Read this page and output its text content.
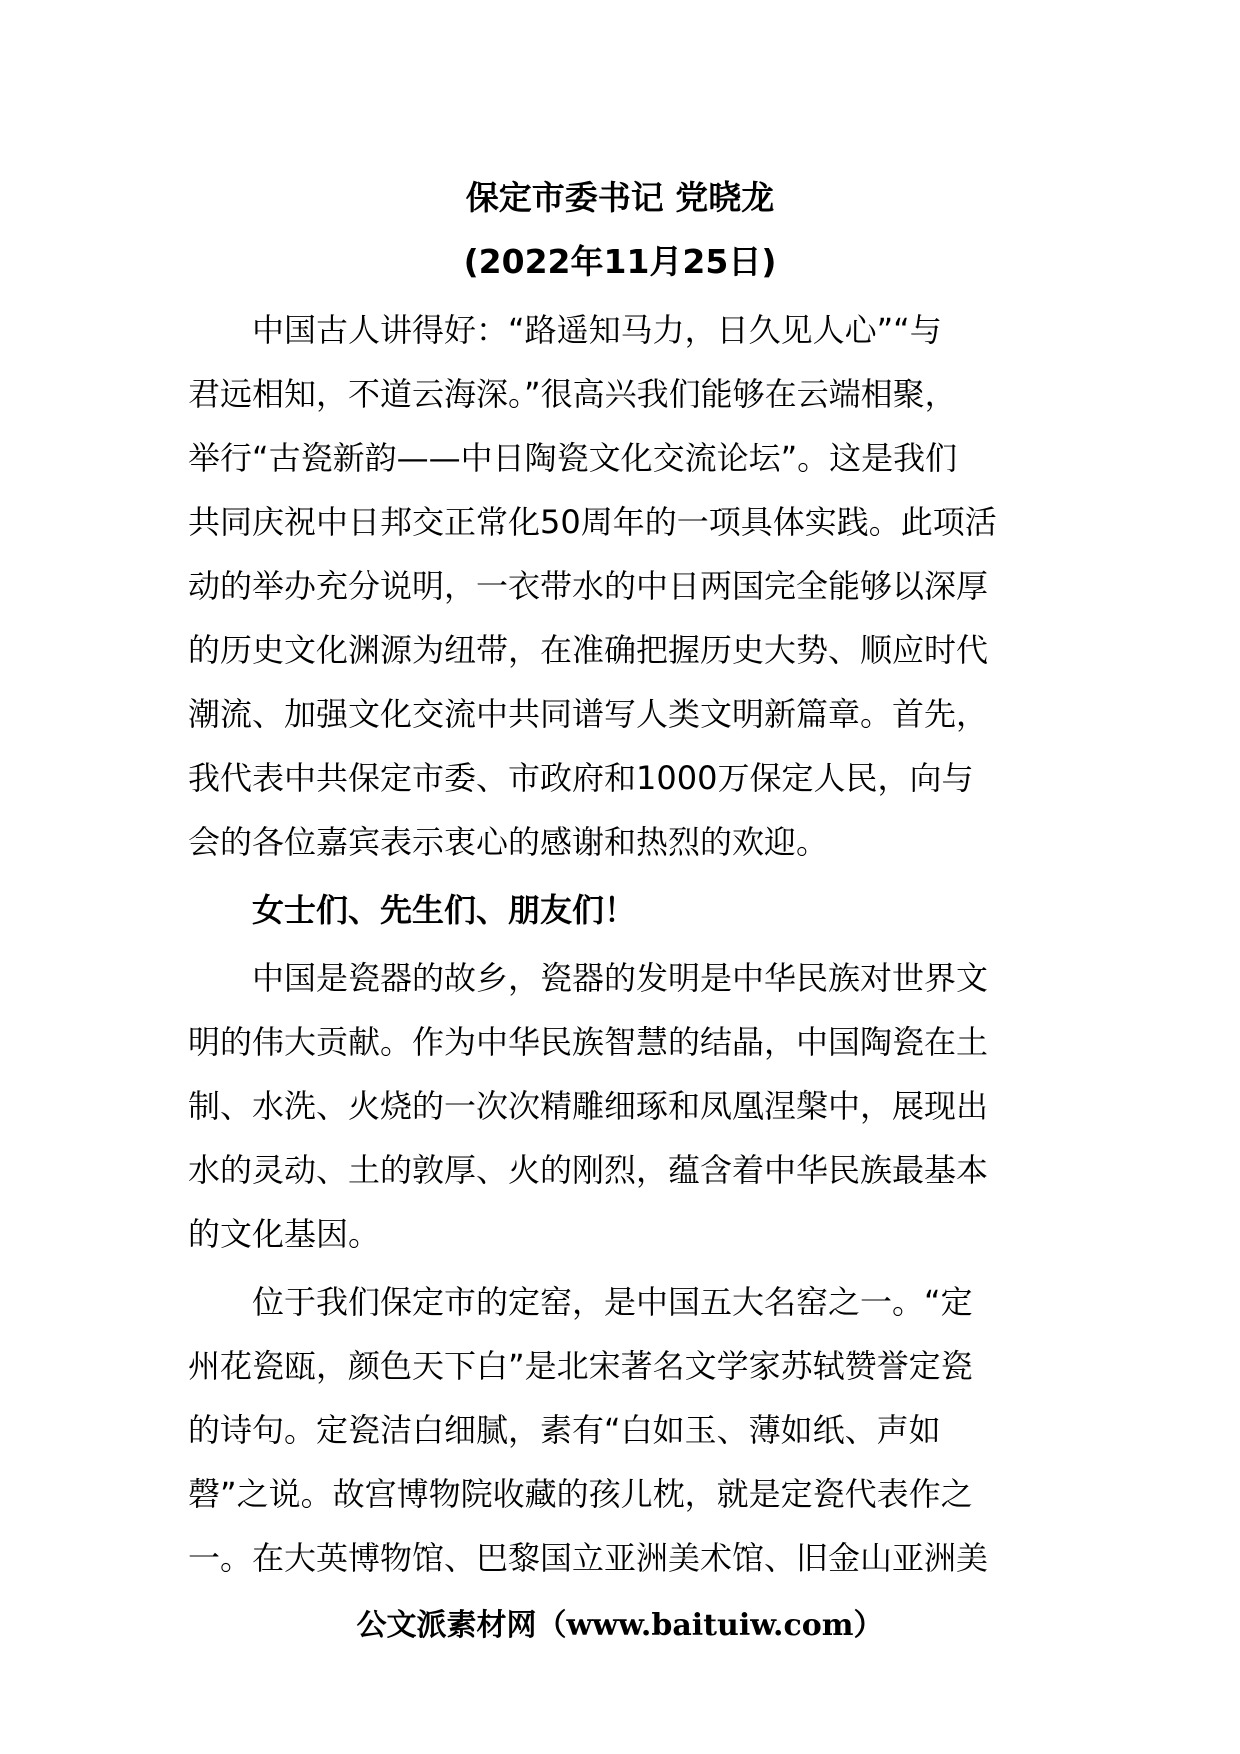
保定市委书记 党晓龙
(2022年11月25日)
中国古人讲得好：“路遥知马力，日久见人心”“与
君远相知，不道云海深。”很高兴我们能够在云端相聚，
举行“古瓷新韵——中日陶瓷文化交流论坛”。这是我们
共同庆祝中日邦交正常化50周年的一项具体实践。此项活
动的举办充分说明，一衣带水的中日两国完全能够以深厚
的历史文化渊源为纽带，在准确把握历史大势、顺应时代
潮流、加强文化交流中共同谱写人类文明新篇章。首先，
我代表中共保定市委、市政府和1000万保定人民，向与
会的各位嘉宾表示衷心的感谢和热烈的欢迎。
女士们、先生们、朋友们！
中国是瓷器的故乡，瓷器的发明是中华民族对世界文
明的伟大贡献。作为中华民族智慧的结晶，中国陶瓷在土
制、水洗、火烧的一次次精雕细琢和凤凰涅槃中，展现出
水的灵动、土的敦厚、火的刚烈，蕴含着中华民族最基本
的文化基因。
位于我们保定市的定窑，是中国五大名窑之一。“定
州花瓷瓯，颜色天下白”是北宋著名文学家苏轼赞誉定瓷
的诗句。定瓷洁白细腻，素有“白如玉、薄如纸、声如
磬”之说。故宫博物院收藏的孩儿枕，就是定瓷代表作之
一。在大英博物馆、巴黎国立亚洲美术馆、旧金山亚洲美
公文派素材网（www.baituiw.com）
